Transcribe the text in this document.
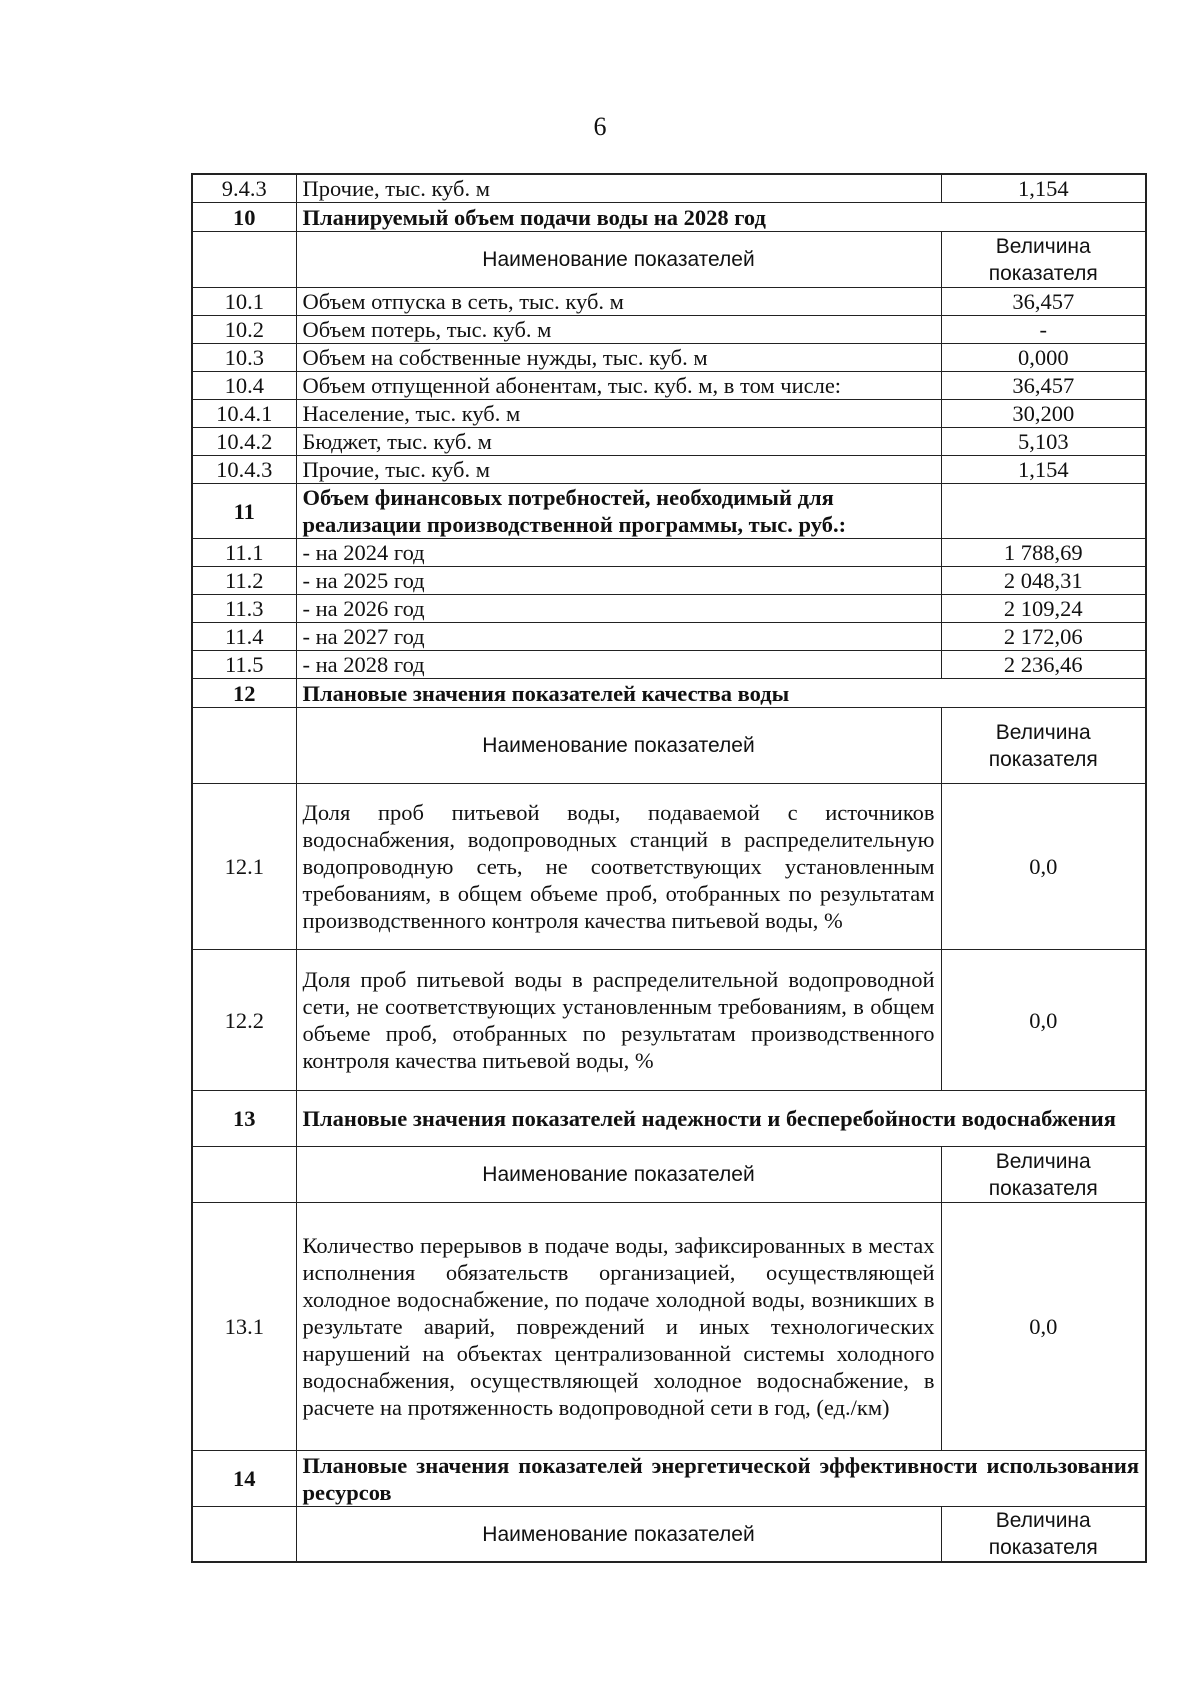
6
9.4.3	Прочие, тыс. куб. м	1,154
10	Планируемый объем подачи воды на 2028 год	
	Наименование показателей	Величина показателя
10.1	Объем отпуска в сеть, тыс. куб. м	36,457
10.2	Объем потерь, тыс. куб. м	-
10.3	Объем на собственные нужды, тыс. куб. м	0,000
10.4	Объем отпущенной абонентам, тыс. куб. м, в том числе:	36,457
10.4.1	Население, тыс. куб. м	30,200
10.4.2	Бюджет, тыс. куб. м	5,103
10.4.3	Прочие, тыс. куб. м	1,154
11	Объем финансовых потребностей, необходимый для реализации производственной программы, тыс. руб.:	
11.1	- на 2024 год	1 788,69
11.2	- на 2025 год	2 048,31
11.3	- на 2026 год	2 109,24
11.4	- на 2027 год	2 172,06
11.5	- на 2028 год	2 236,46
12	Плановые значения показателей качества воды	
	Наименование показателей	Величина показателя
12.1	Доля проб питьевой воды, подаваемой с источников водоснабжения, водопроводных станций в распределительную водопроводную сеть, не соответствующих установленным требованиям, в общем объеме проб, отобранных по результатам производственного контроля качества питьевой воды, %	0,0
12.2	Доля проб питьевой воды в распределительной водопроводной сети, не соответствующих установленным требованиям, в общем объеме проб, отобранных по результатам производственного контроля качества питьевой воды, %	0,0
13	Плановые значения показателей надежности и бесперебойности водоснабжения	
	Наименование показателей	Величина показателя
13.1	Количество перерывов в подаче воды, зафиксированных в местах исполнения обязательств организацией, осуществляющей холодное водоснабжение, по подаче холодной воды, возникших в результате аварий, повреждений и иных технологических нарушений на объектах централизованной системы холодного водоснабжения, осуществляющей холодное водоснабжение, в расчете на протяженность водопроводной сети в год, (ед./км)	0,0
14	Плановые значения показателей энергетической эффективности использования ресурсов	
	Наименование показателей	Величина показателя
